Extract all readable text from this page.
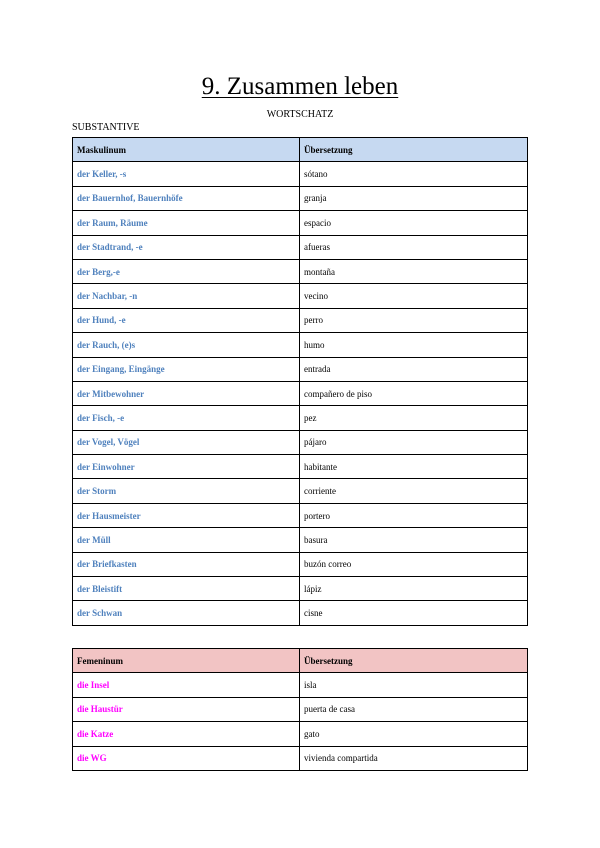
9. Zusammen leben
WORTSCHATZ
SUBSTANTIVE
Maskulinum	Übersetzung
der Keller, -s	sótano
der Bauernhof, Bauernhöfe	granja
der Raum, Räume	espacio
der Stadtrand, -e	afueras
der Berg,-e	montaña
der Nachbar, -n	vecino
der Hund, -e	perro
der Rauch, (e)s	humo
der Eingang, Eingänge	entrada
der Mitbewohner	compañero de piso
der Fisch, -e	pez
der Vogel, Vögel	pájaro
der Einwohner	habitante
der Storm	corriente
der Hausmeister	portero
der Müll	basura
der Briefkasten	buzón correo
der Bleistift	lápiz
der Schwan	cisne
Femeninum	Übersetzung
die Insel	isla
die Haustür	puerta de casa
die Katze	gato
die WG	vivienda compartida
